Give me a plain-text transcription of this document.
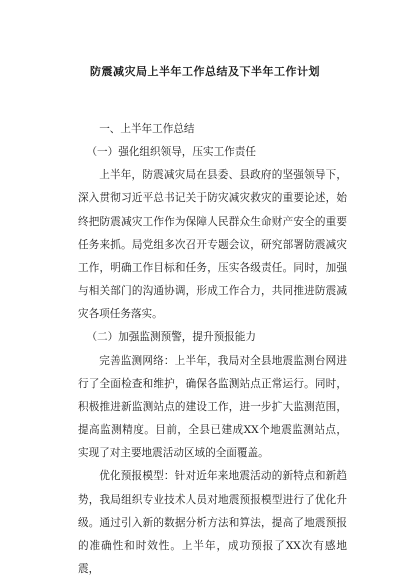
防震减灾局上半年工作总结及下半年工作计划

一、上半年工作总结

（一）强化组织领导，压实工作责任

上半年，防震减灾局在县委、县政府的坚强领导下，深入贯彻习近平总书记关于防灾减灾救灾的重要论述，始终把防震减灾工作作为保障人民群众生命财产安全的重要任务来抓。局党组多次召开专题会议，研究部署防震减灾工作，明确工作目标和任务，压实各级责任。同时，加强与相关部门的沟通协调，形成工作合力，共同推进防震减灾各项任务落实。

（二）加强监测预警，提升预报能力

完善监测网络：上半年，我局对全县地震监测台网进行了全面检查和维护，确保各监测站点正常运行。同时，积极推进新监测站点的建设工作，进一步扩大监测范围，提高监测精度。目前，全县已建成XX个地震监测站点，实现了对主要地震活动区域的全面覆盖。

优化预报模型：针对近年来地震活动的新特点和新趋势，我局组织专业技术人员对地震预报模型进行了优化升级。通过引入新的数据分析方法和算法，提高了地震预报的准确性和时效性。上半年，成功预报了XX次有感地震，
